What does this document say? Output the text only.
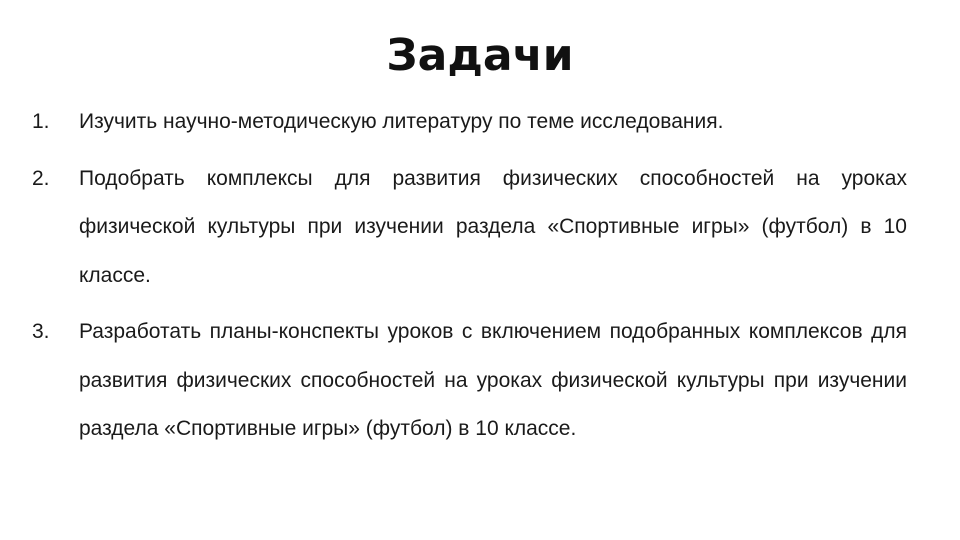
Задачи
1. Изучить научно-методическую литературу по теме исследования.
2. Подобрать комплексы для развития физических способностей на уроках физической культуры при изучении раздела «Спортивные игры» (футбол) в 10 классе.
3. Разработать планы-конспекты уроков с включением подобранных комплексов для развития физических способностей на уроках физической культуры при изучении раздела «Спортивные игры» (футбол) в 10 классе.
